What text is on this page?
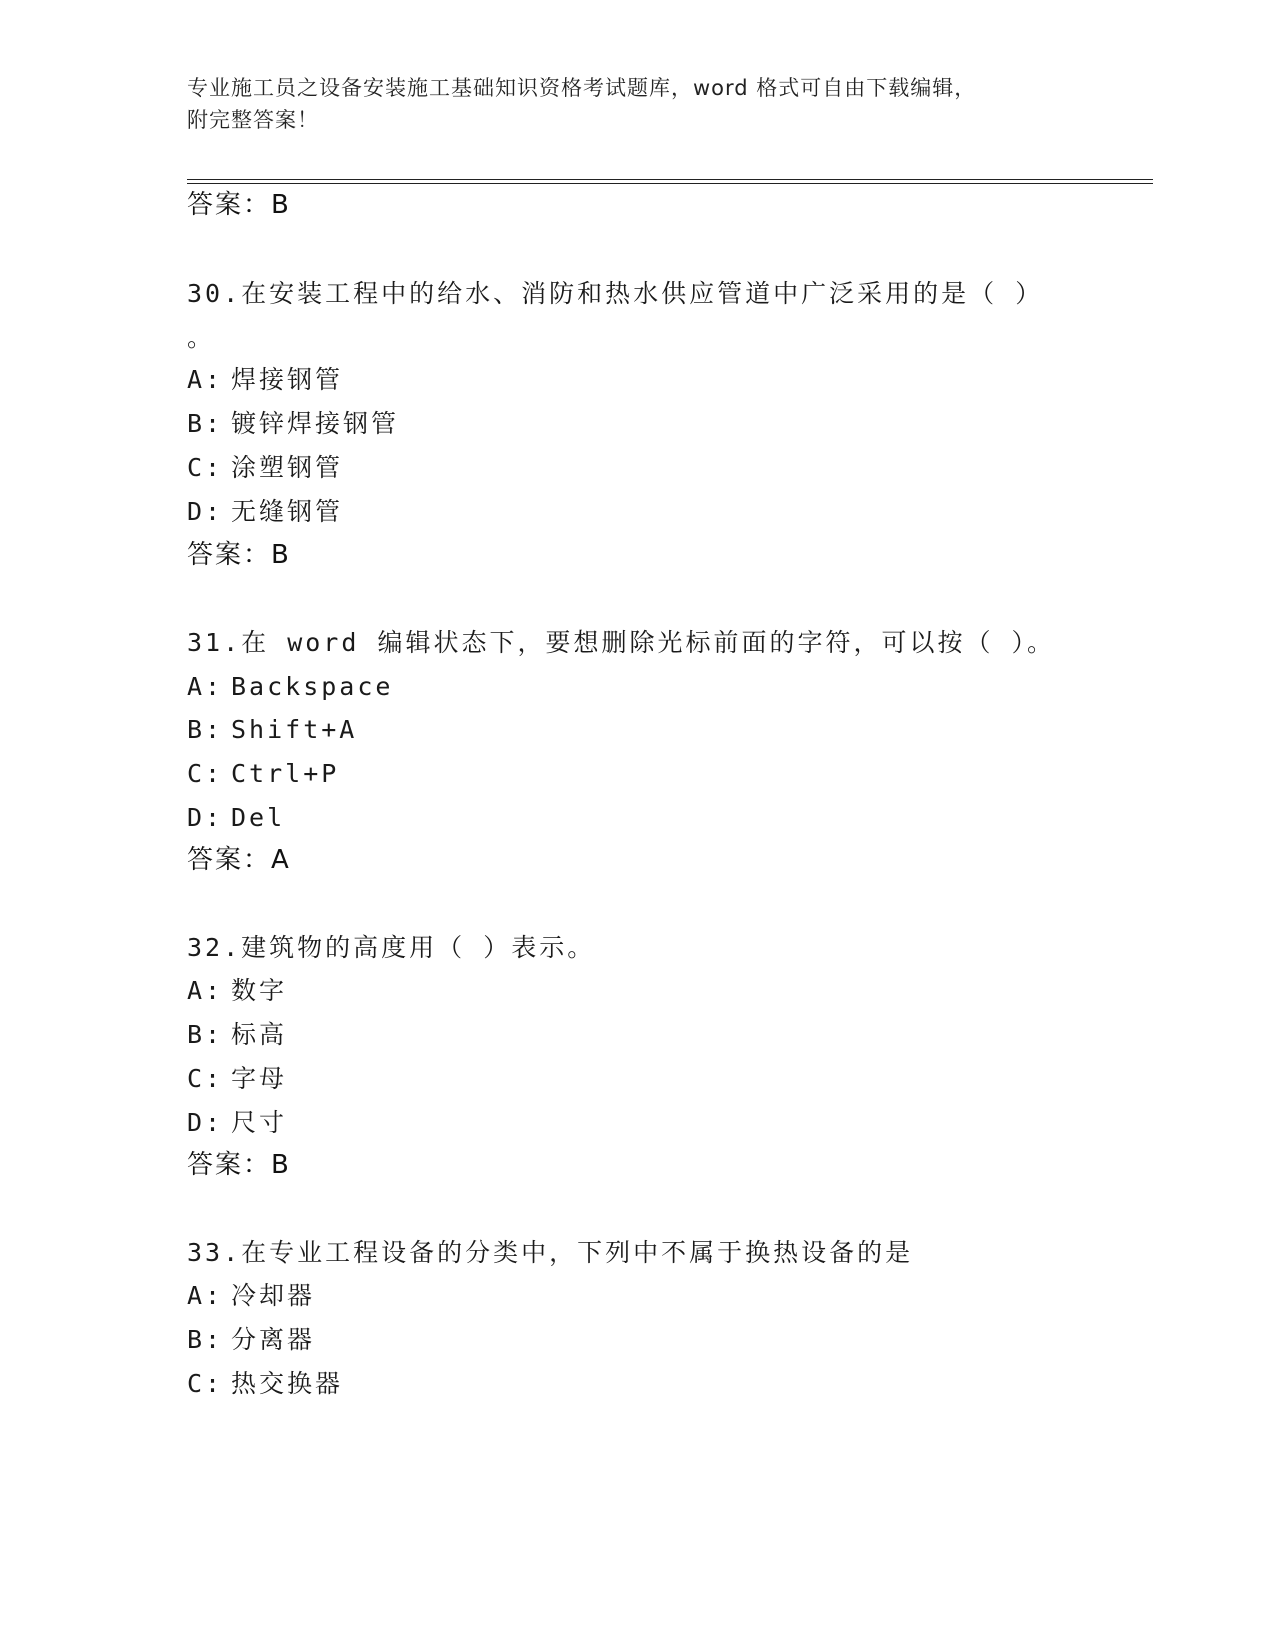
专业施工员之设备安装施工基础知识资格考试题库，word 格式可自由下载编辑，
附完整答案！
答案：B
30.在安装工程中的给水、消防和热水供应管道中广泛采用的是（ ）
。
A: 焊接钢管
B: 镀锌焊接钢管
C: 涂塑钢管
D: 无缝钢管
答案：B
31.在 word 编辑状态下，要想删除光标前面的字符，可以按（ ）。
A: Backspace
B: Shift+A
C: Ctrl+P
D: Del
答案：A
32.建筑物的高度用（ ）表示。
A: 数字
B: 标高
C: 字母
D: 尺寸
答案：B
33.在专业工程设备的分类中，下列中不属于换热设备的是
A: 冷却器
B: 分离器
C: 热交换器
